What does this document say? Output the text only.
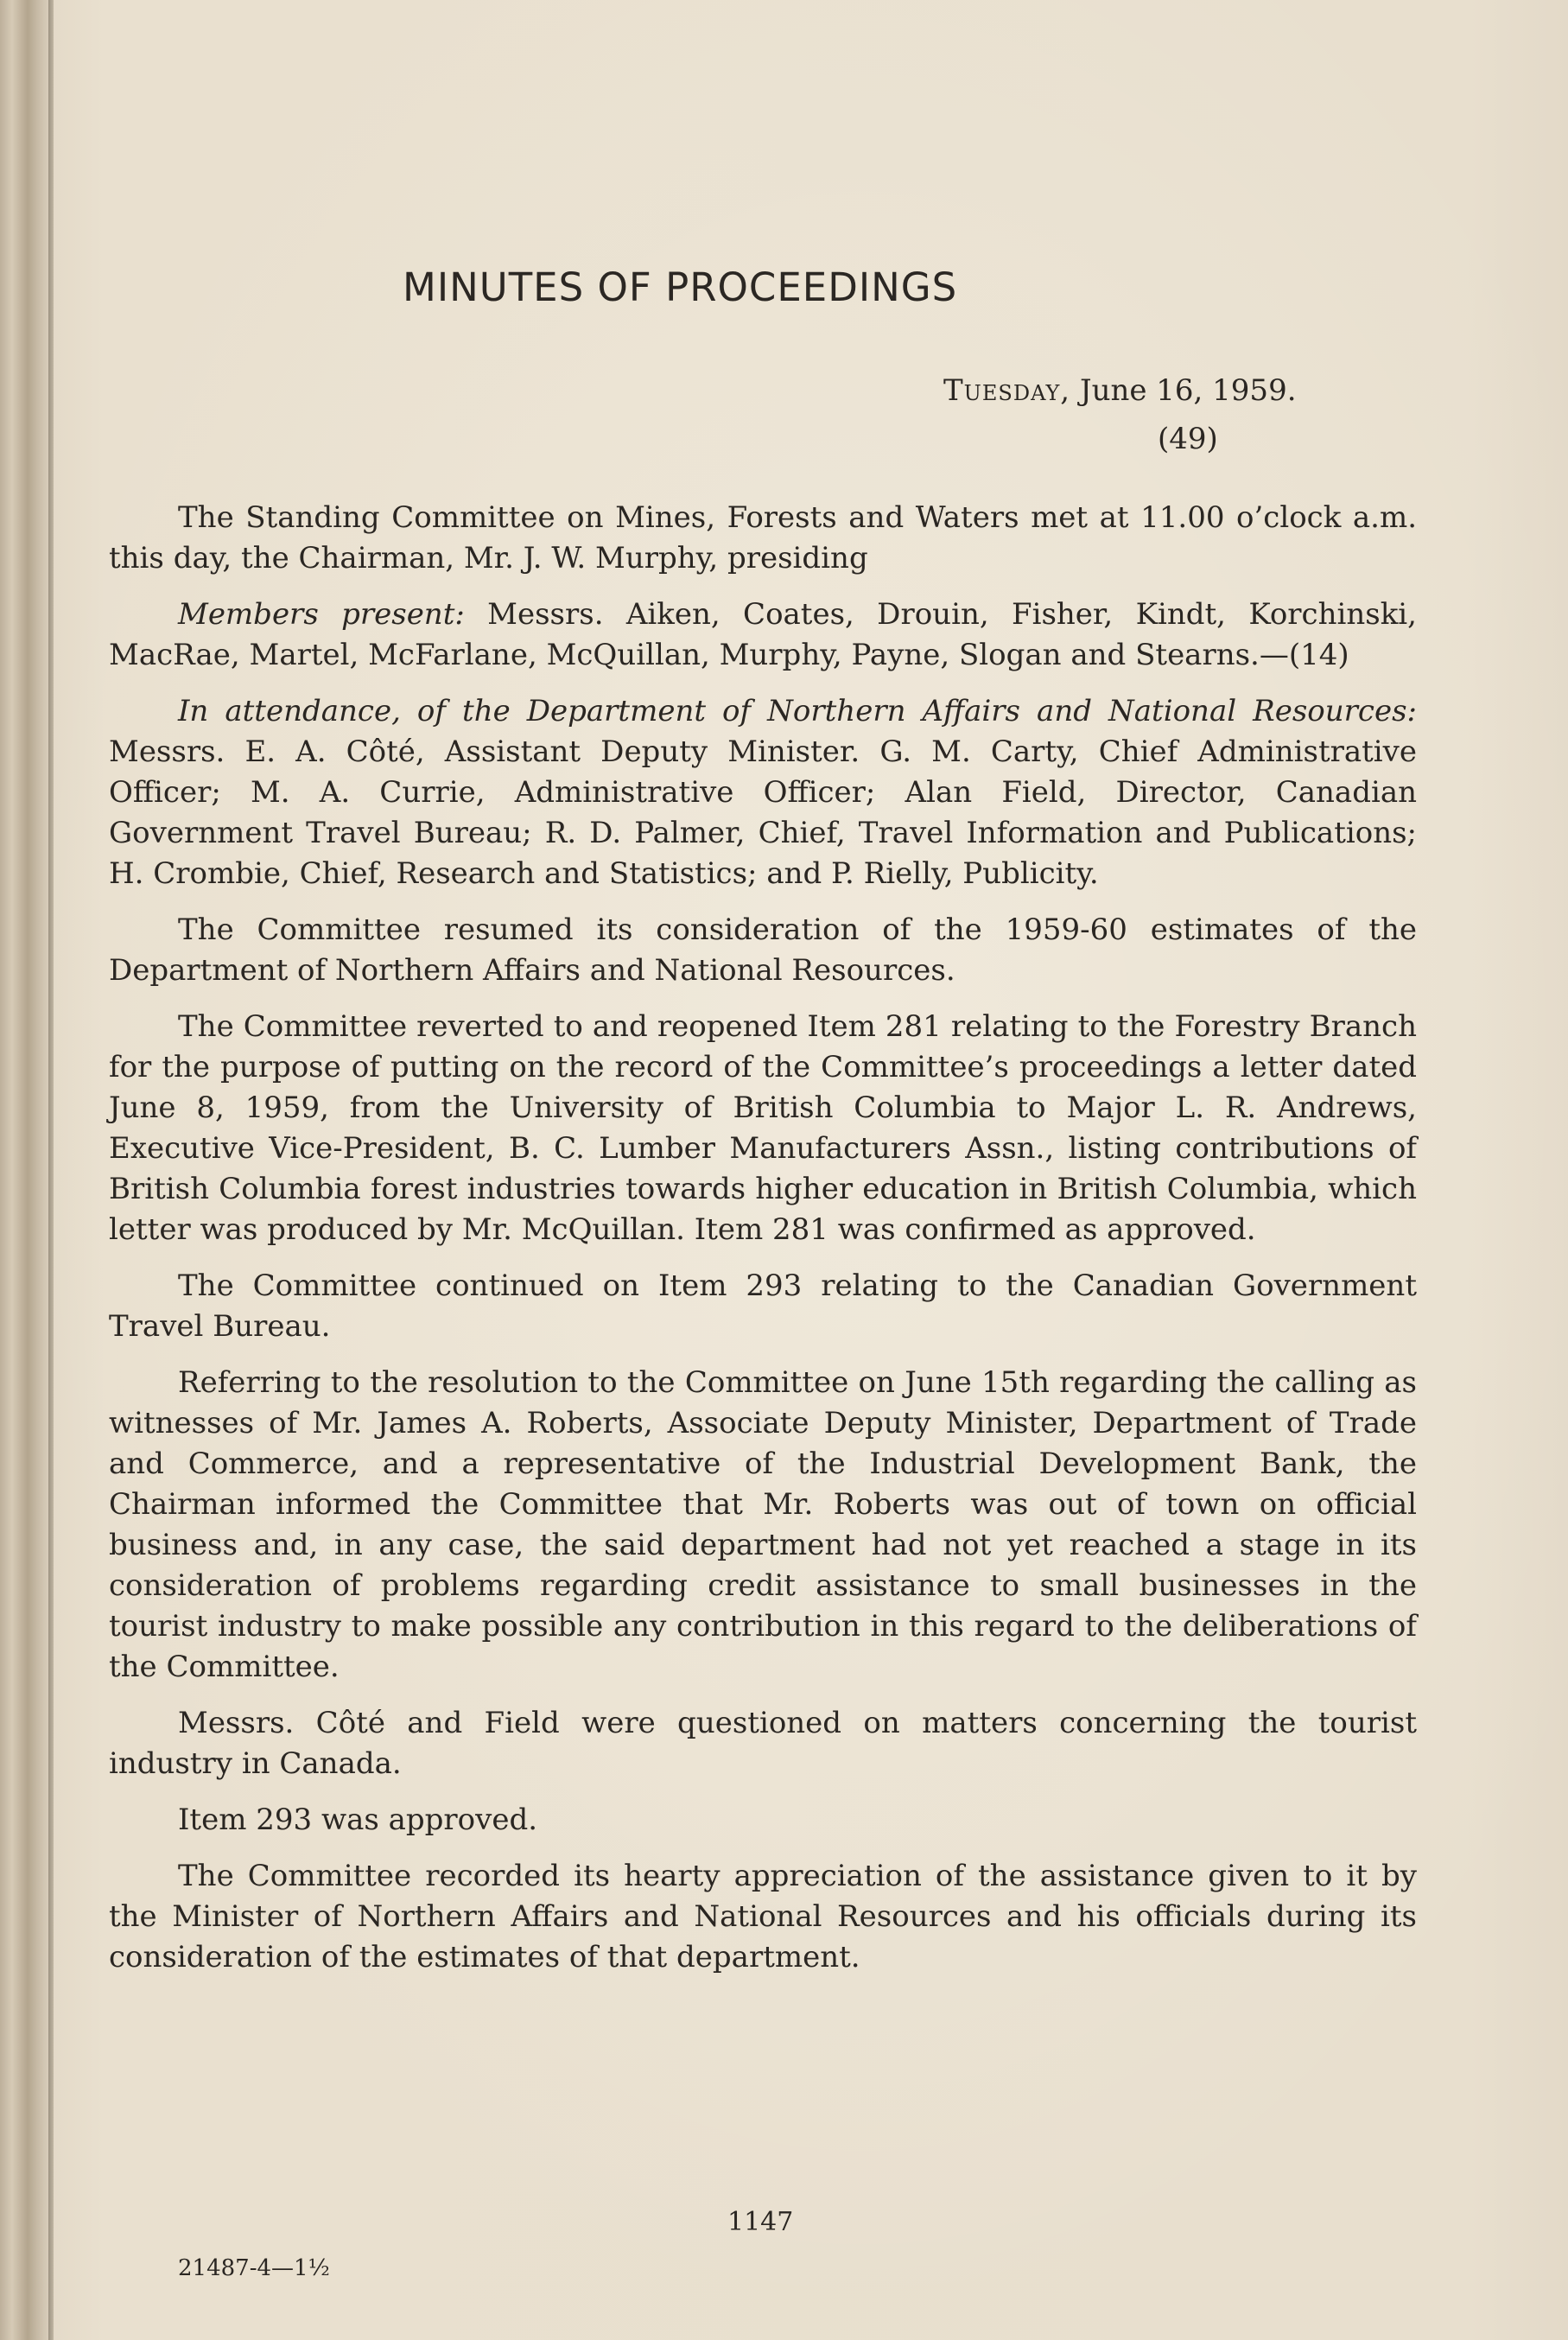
MINUTES OF PROCEEDINGS
Tuesday, June 16, 1959.
(49)

The Standing Committee on Mines, Forests and Waters met at 11.00 o’clock a.m. this day, the Chairman, Mr. J. W. Murphy, presiding

Members present: Messrs. Aiken, Coates, Drouin, Fisher, Kindt, Korchinski, MacRae, Martel, McFarlane, McQuillan, Murphy, Payne, Slogan and Stearns.—(14)

In attendance, of the Department of Northern Affairs and National Resources: Messrs. E. A. Côté, Assistant Deputy Minister. G. M. Carty, Chief Administrative Officer; M. A. Currie, Administrative Officer; Alan Field, Director, Canadian Government Travel Bureau; R. D. Palmer, Chief, Travel Information and Publications; H. Crombie, Chief, Research and Statistics; and P. Rielly, Publicity.

The Committee resumed its consideration of the 1959-60 estimates of the Department of Northern Affairs and National Resources.

The Committee reverted to and reopened Item 281 relating to the Forestry Branch for the purpose of putting on the record of the Committee’s proceedings a letter dated June 8, 1959, from the University of British Columbia to Major L. R. Andrews, Executive Vice-President, B. C. Lumber Manufacturers Assn., listing contributions of British Columbia forest industries towards higher education in British Columbia, which letter was produced by Mr. McQuillan. Item 281 was confirmed as approved.

The Committee continued on Item 293 relating to the Canadian Government Travel Bureau.

Referring to the resolution to the Committee on June 15th regarding the calling as witnesses of Mr. James A. Roberts, Associate Deputy Minister, Department of Trade and Commerce, and a representative of the Industrial Development Bank, the Chairman informed the Committee that Mr. Roberts was out of town on official business and, in any case, the said department had not yet reached a stage in its consideration of problems regarding credit assistance to small businesses in the tourist industry to make possible any contribution in this regard to the deliberations of the Committee.

Messrs. Côté and Field were questioned on matters concerning the tourist industry in Canada.

Item 293 was approved.

The Committee recorded its hearty appreciation of the assistance given to it by the Minister of Northern Affairs and National Resources and his officials during its consideration of the estimates of that department.

1147
21487-4—1½
